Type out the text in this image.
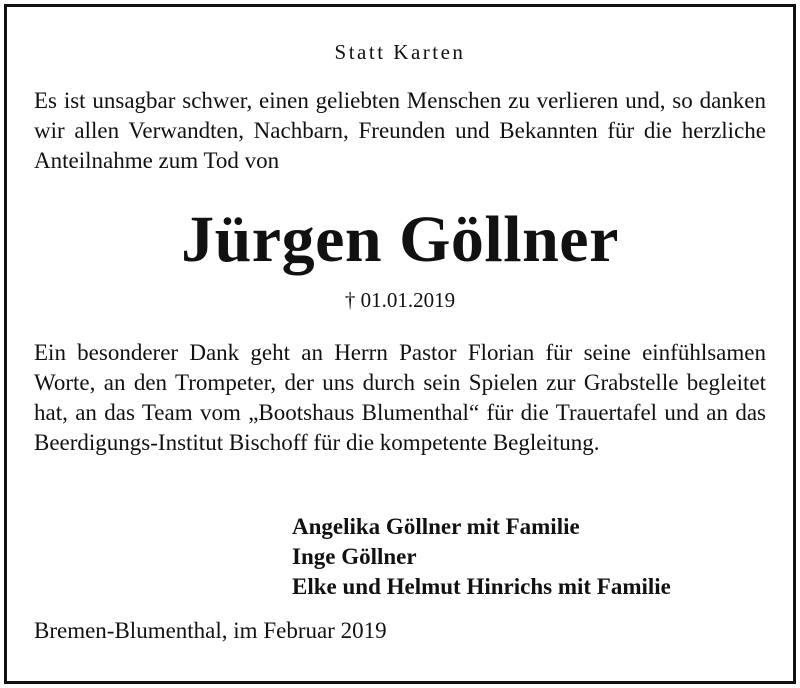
Statt Karten
Es ist unsagbar schwer, einen geliebten Menschen zu verlieren und, so danken wir allen Verwandten, Nachbarn, Freunden und Bekannten für die herzliche Anteilnahme zum Tod von
Jürgen Göllner
† 01.01.2019
Ein besonderer Dank geht an Herrn Pastor Florian für seine einfühlsamen Worte, an den Trompeter, der uns durch sein Spielen zur Grabstelle begleitet hat, an das Team vom „Bootshaus Blumenthal“ für die Trauertafel und an das Beerdigungs-Institut Bischoff für die kompetente Begleitung.
Angelika Göllner mit Familie
Inge Göllner
Elke und Helmut Hinrichs mit Familie
Bremen-Blumenthal, im Februar 2019
